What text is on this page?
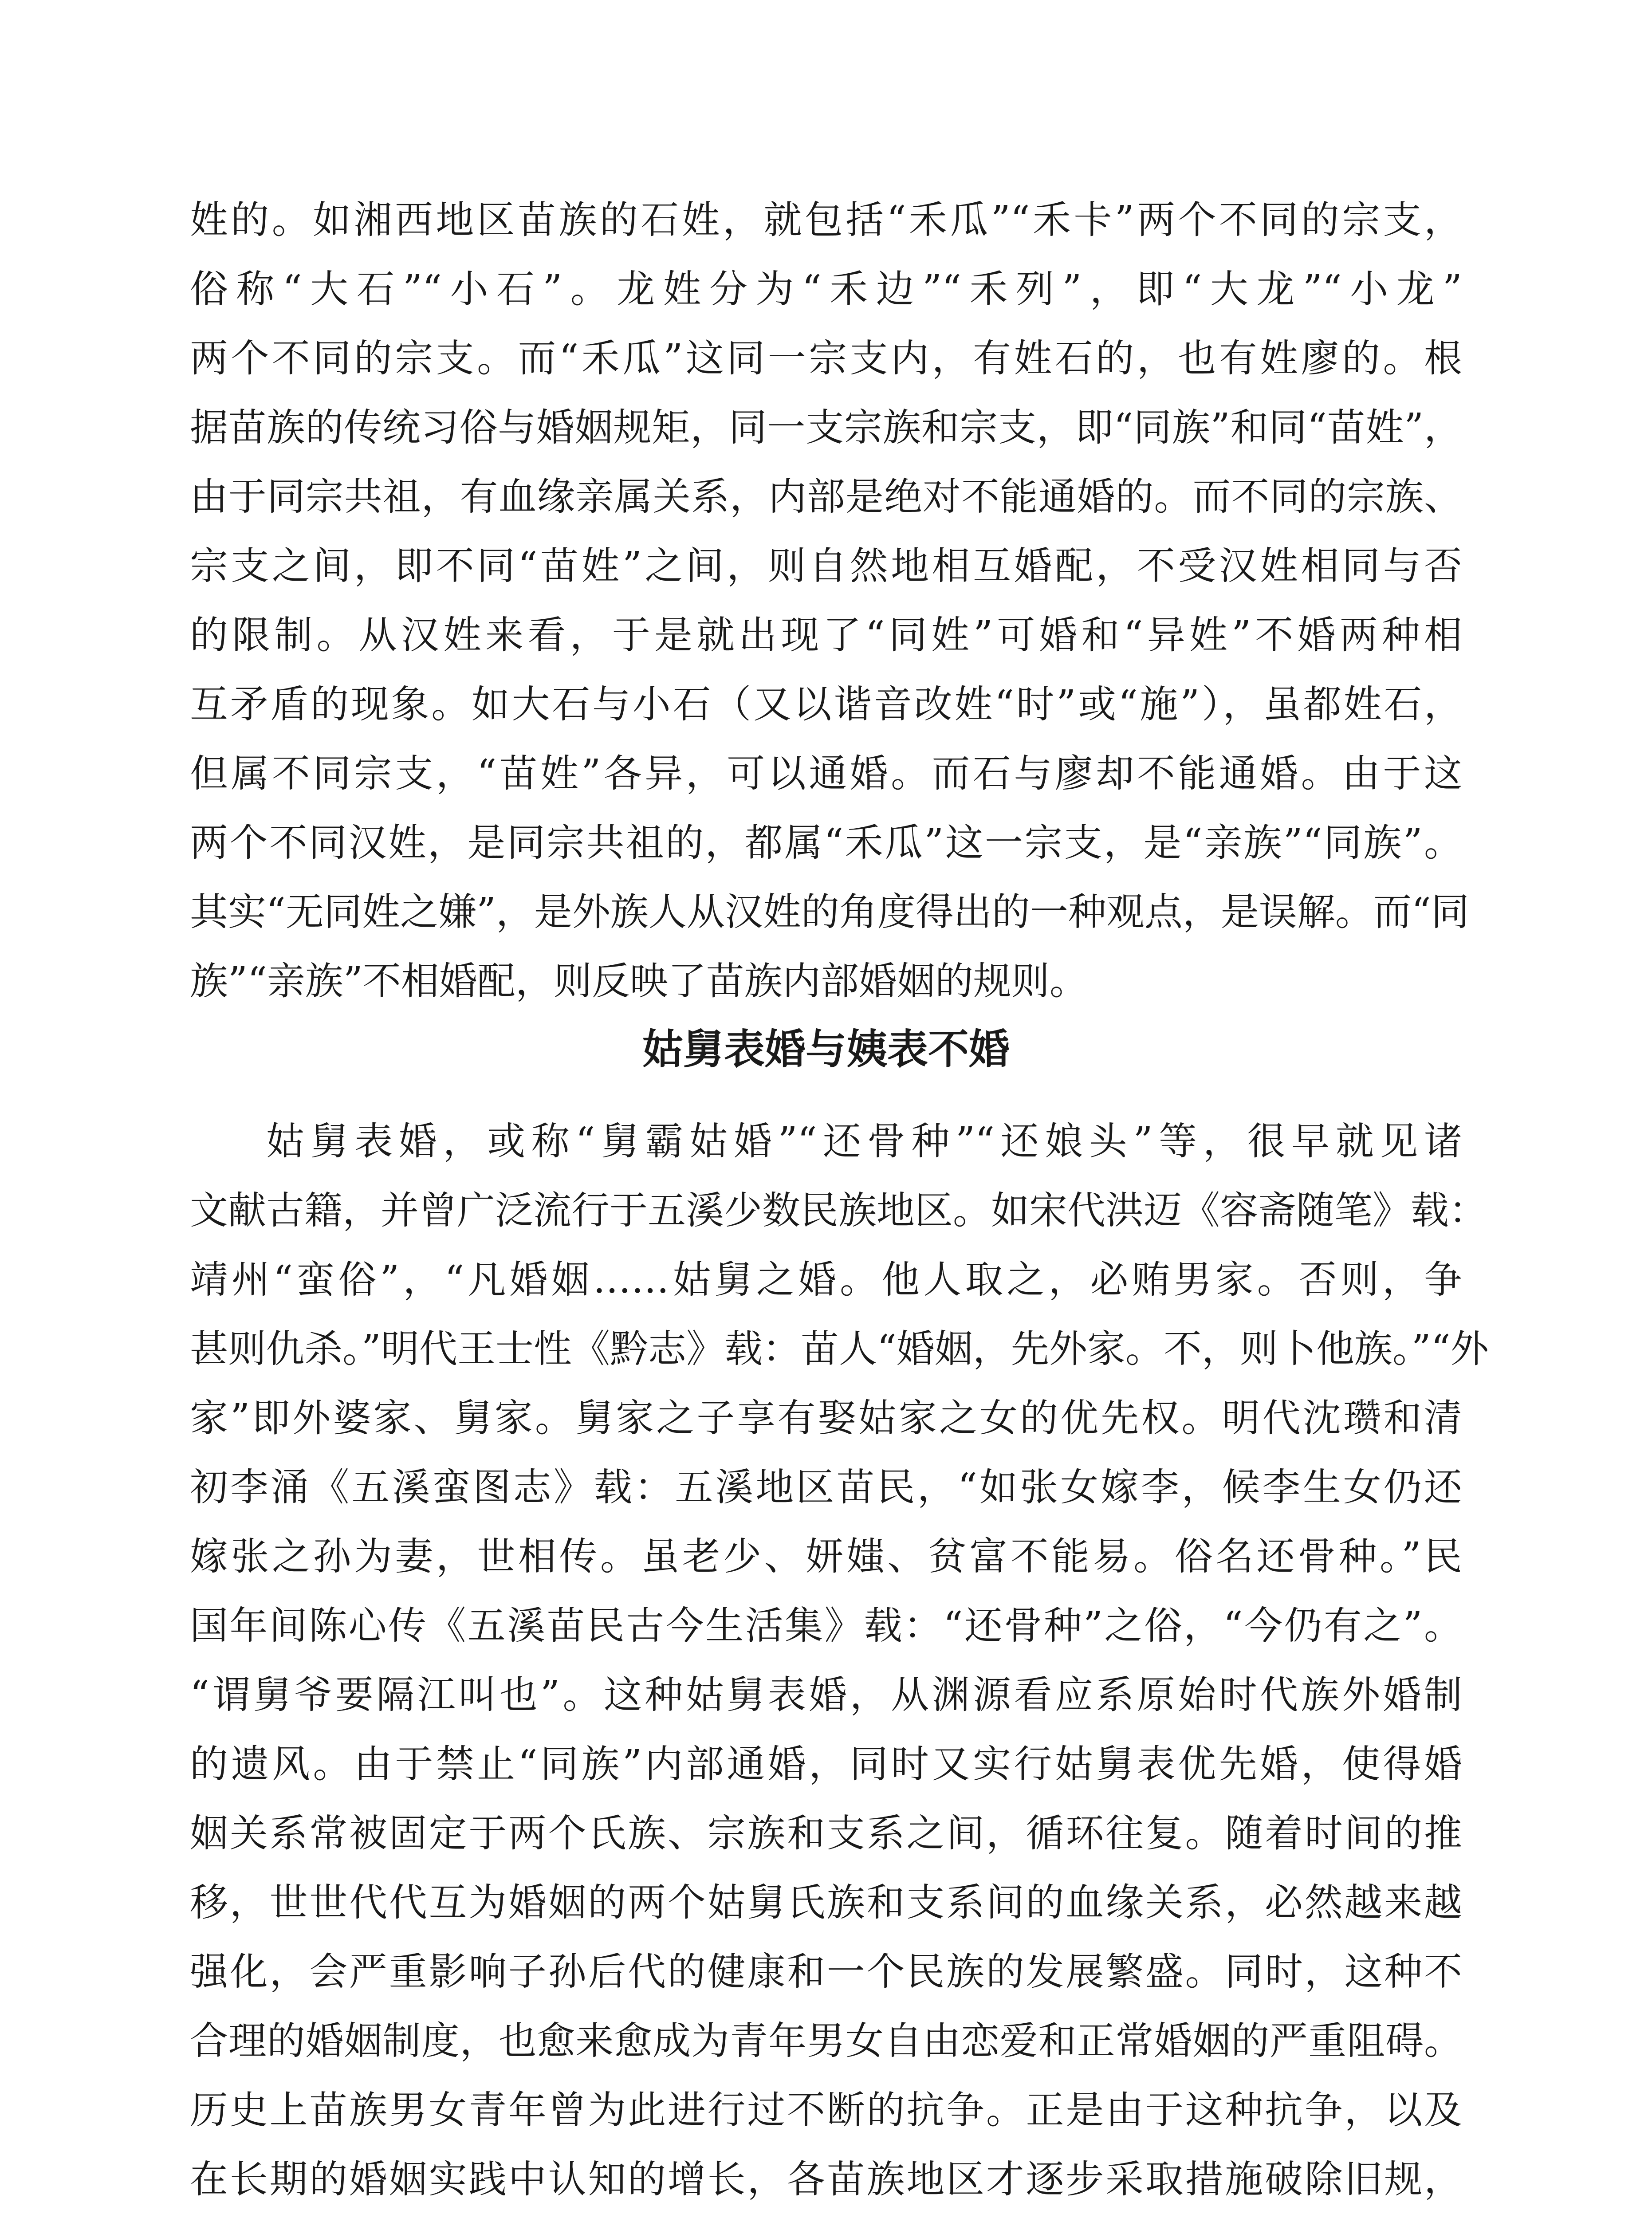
姓的。如湘西地区苗族的石姓，就包括“禾瓜”“禾卡”两个不同的宗支，
俗称“大石”“小石”。龙姓分为“禾边”“禾列”，即“大龙”“小龙”
两个不同的宗支。而“禾瓜”这同一宗支内，有姓石的，也有姓廖的。根
据苗族的传统习俗与婚姻规矩，同一支宗族和宗支，即“同族”和同“苗姓”，
由于同宗共祖，有血缘亲属关系，内部是绝对不能通婚的。而不同的宗族、
宗支之间，即不同“苗姓”之间，则自然地相互婚配，不受汉姓相同与否
的限制。从汉姓来看，于是就出现了“同姓”可婚和“异姓”不婚两种相
互矛盾的现象。如大石与小石（又以谐音改姓“时”或“施”），虽都姓石，
但属不同宗支，“苗姓”各异，可以通婚。而石与廖却不能通婚。由于这
两个不同汉姓，是同宗共祖的，都属“禾瓜”这一宗支，是“亲族”“同族”。
其实“无同姓之嫌”，是外族人从汉姓的角度得出的一种观点，是误解。而“同
族”“亲族”不相婚配，则反映了苗族内部婚姻的规则。
姑舅表婚与姨表不婚
姑舅表婚，或称“舅霸姑婚”“还骨种”“还娘头”等，很早就见诸
文献古籍，并曾广泛流行于五溪少数民族地区。如宋代洪迈《容斋随笔》载：
靖州“蛮俗”，“凡婚姻……姑舅之婚。他人取之，必贿男家。否则，争
甚则仇杀。”明代王士性《黔志》载：苗人“婚姻，先外家。不，则卜他族。”“外
家”即外婆家、舅家。舅家之子享有娶姑家之女的优先权。明代沈瓒和清
初李涌《五溪蛮图志》载：五溪地区苗民，“如张女嫁李，候李生女仍还
嫁张之孙为妻，世相传。虽老少、妍媸、贫富不能易。俗名还骨种。”民
国年间陈心传《五溪苗民古今生活集》载：“还骨种”之俗，“今仍有之”。
“谓舅爷要隔江叫也”。这种姑舅表婚，从渊源看应系原始时代族外婚制
的遗风。由于禁止“同族”内部通婚，同时又实行姑舅表优先婚，使得婚
姻关系常被固定于两个氏族、宗族和支系之间，循环往复。随着时间的推
移，世世代代互为婚姻的两个姑舅氏族和支系间的血缘关系，必然越来越
强化，会严重影响子孙后代的健康和一个民族的发展繁盛。同时，这种不
合理的婚姻制度，也愈来愈成为青年男女自由恋爱和正常婚姻的严重阻碍。
历史上苗族男女青年曾为此进行过不断的抗争。正是由于这种抗争，以及
在长期的婚姻实践中认知的增长，各苗族地区才逐步采取措施破除旧规，
